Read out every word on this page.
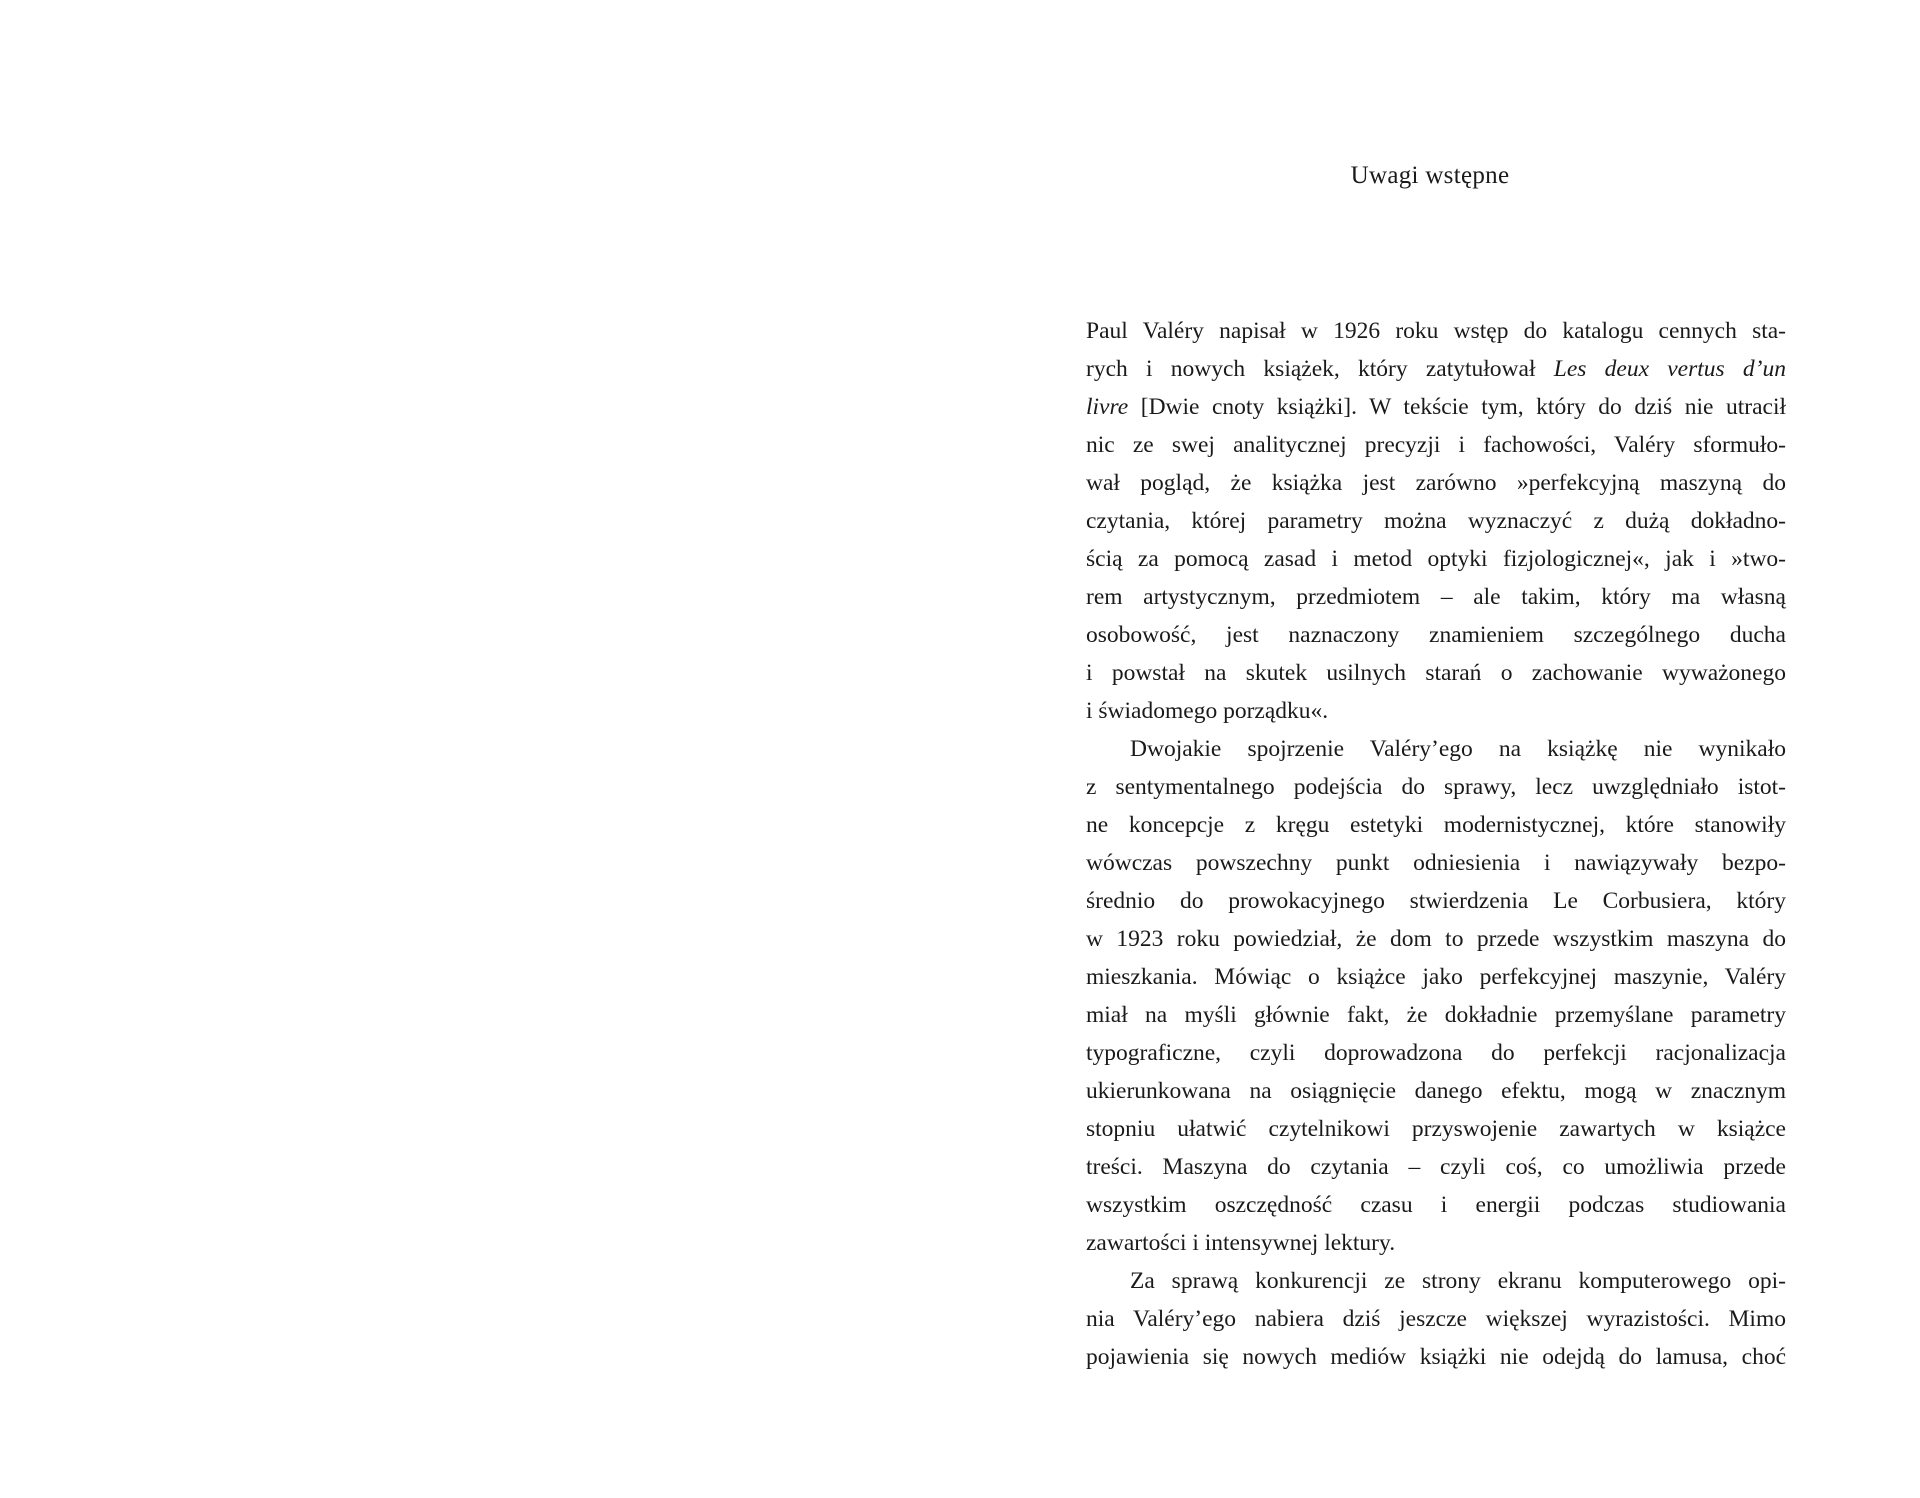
Uwagi wstępne
Paul Valéry napisał w 1926 roku wstęp do katalogu cennych sta-
rych i nowych książek, który zatytułował Les deux vertus d’un
livre [Dwie cnoty książki]. W tekście tym, który do dziś nie utracił
nic ze swej analitycznej precyzji i fachowości, Valéry sformuło-
wał pogląd, że książka jest zarówno »perfekcyjną maszyną do
czytania, której parametry można wyznaczyć z dużą dokładno-
ścią za pomocą zasad i metod optyki fizjologicznej«, jak i »two-
rem artystycznym, przedmiotem – ale takim, który ma własną
osobowość, jest naznaczony znamieniem szczególnego ducha
i powstał na skutek usilnych starań o zachowanie wyważonego
i świadomego porządku«.
Dwojakie spojrzenie Valéry’ego na książkę nie wynikało
z sentymentalnego podejścia do sprawy, lecz uwzględniało istot-
ne koncepcje z kręgu estetyki modernistycznej, które stanowiły
wówczas powszechny punkt odniesienia i nawiązywały bezpo-
średnio do prowokacyjnego stwierdzenia Le Corbusiera, który
w 1923 roku powiedział, że dom to przede wszystkim maszyna do
mieszkania. Mówiąc o książce jako perfekcyjnej maszynie, Valéry
miał na myśli głównie fakt, że dokładnie przemyślane parametry
typograficzne, czyli doprowadzona do perfekcji racjonalizacja
ukierunkowana na osiągnięcie danego efektu, mogą w znacznym
stopniu ułatwić czytelnikowi przyswojenie zawartych w książce
treści. Maszyna do czytania – czyli coś, co umożliwia przede
wszystkim oszczędność czasu i energii podczas studiowania
zawartości i intensywnej lektury.
Za sprawą konkurencji ze strony ekranu komputerowego opi-
nia Valéry’ego nabiera dziś jeszcze większej wyrazistości. Mimo
pojawienia się nowych mediów książki nie odejdą do lamusa, choć
